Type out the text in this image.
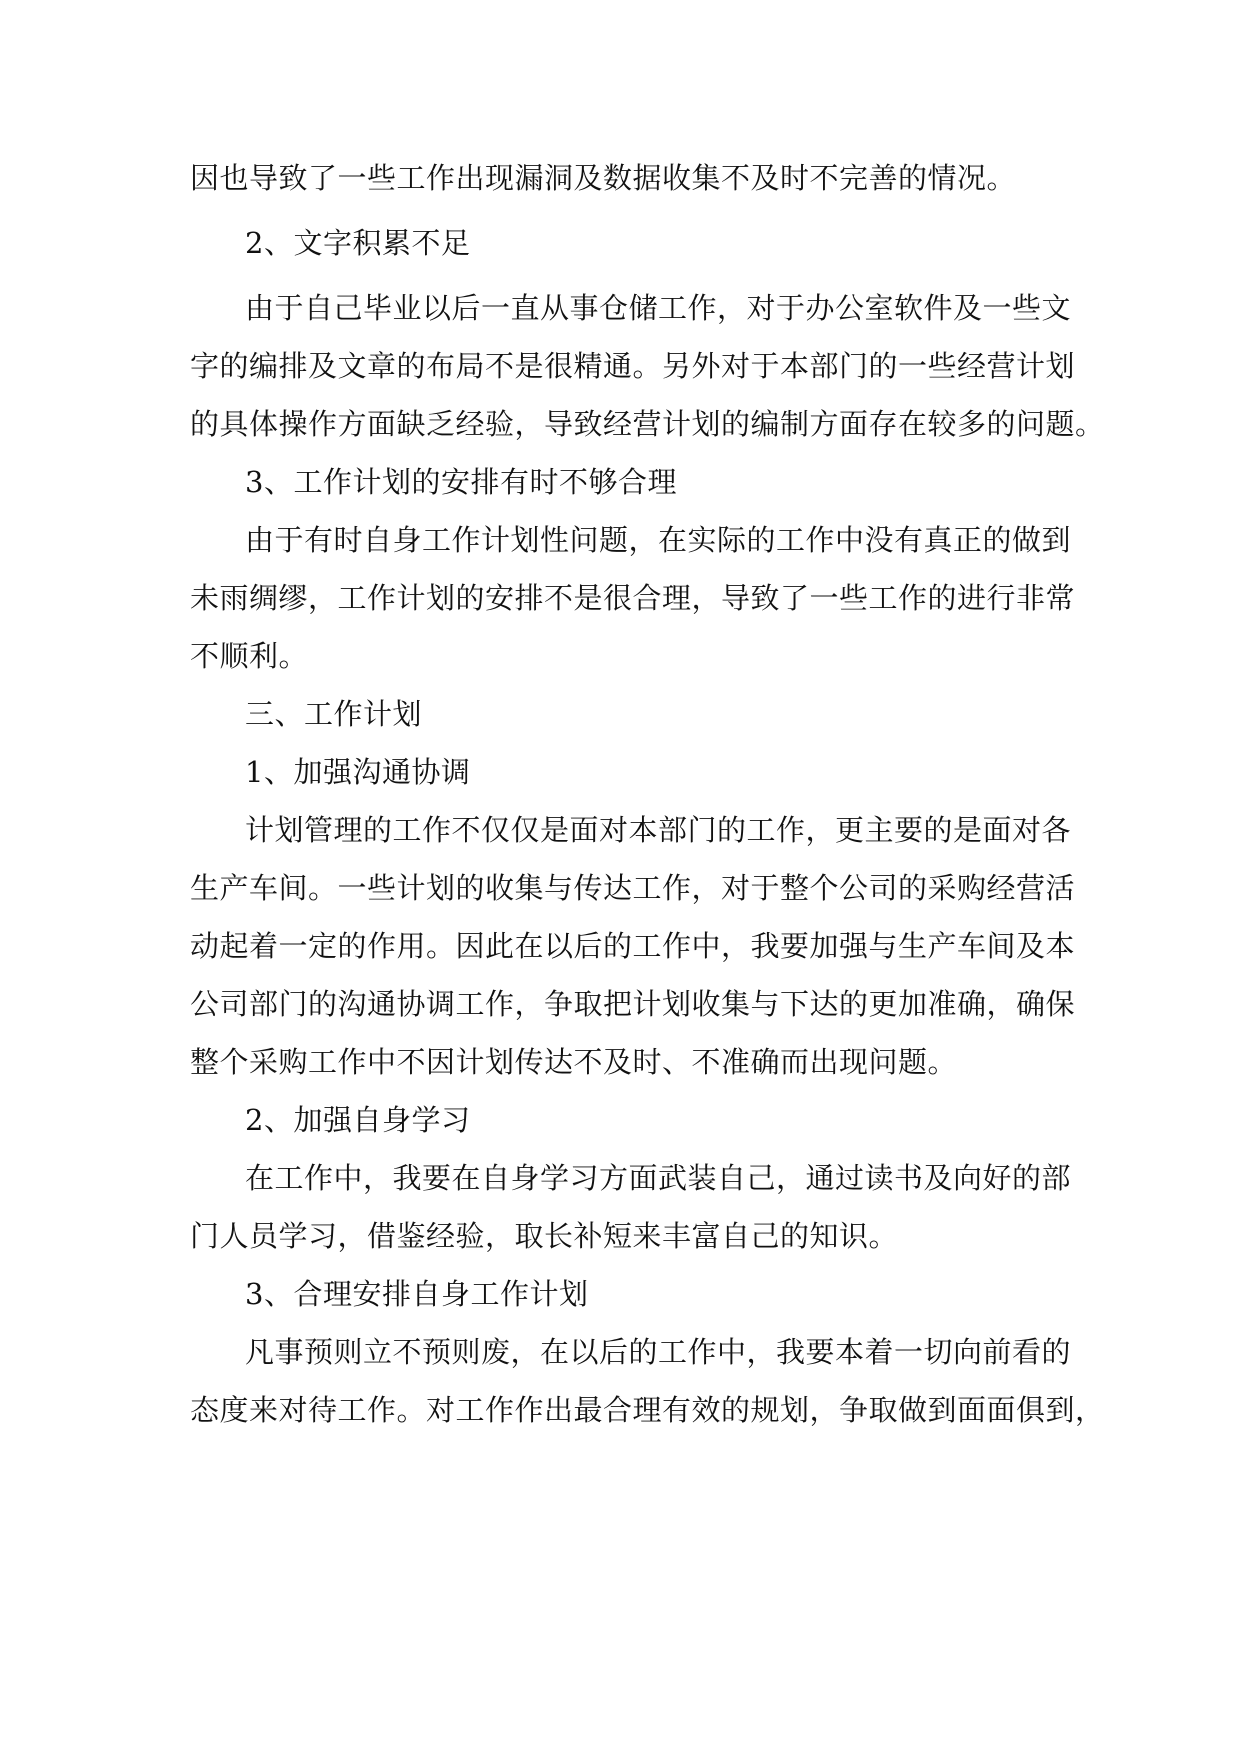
因也导致了一些工作出现漏洞及数据收集不及时不完善的情况。
2、文字积累不足
由于自己毕业以后一直从事仓储工作，对于办公室软件及一些文
字的编排及文章的布局不是很精通。另外对于本部门的一些经营计划
的具体操作方面缺乏经验，导致经营计划的编制方面存在较多的问题。
3、工作计划的安排有时不够合理
由于有时自身工作计划性问题，在实际的工作中没有真正的做到
未雨绸缪，工作计划的安排不是很合理，导致了一些工作的进行非常
不顺利。
三、工作计划
1、加强沟通协调
计划管理的工作不仅仅是面对本部门的工作，更主要的是面对各
生产车间。一些计划的收集与传达工作，对于整个公司的采购经营活
动起着一定的作用。因此在以后的工作中，我要加强与生产车间及本
公司部门的沟通协调工作，争取把计划收集与下达的更加准确，确保
整个采购工作中不因计划传达不及时、不准确而出现问题。
2、加强自身学习
在工作中，我要在自身学习方面武装自己，通过读书及向好的部
门人员学习，借鉴经验，取长补短来丰富自己的知识。
3、合理安排自身工作计划
凡事预则立不预则废，在以后的工作中，我要本着一切向前看的
态度来对待工作。对工作作出最合理有效的规划，争取做到面面俱到，
